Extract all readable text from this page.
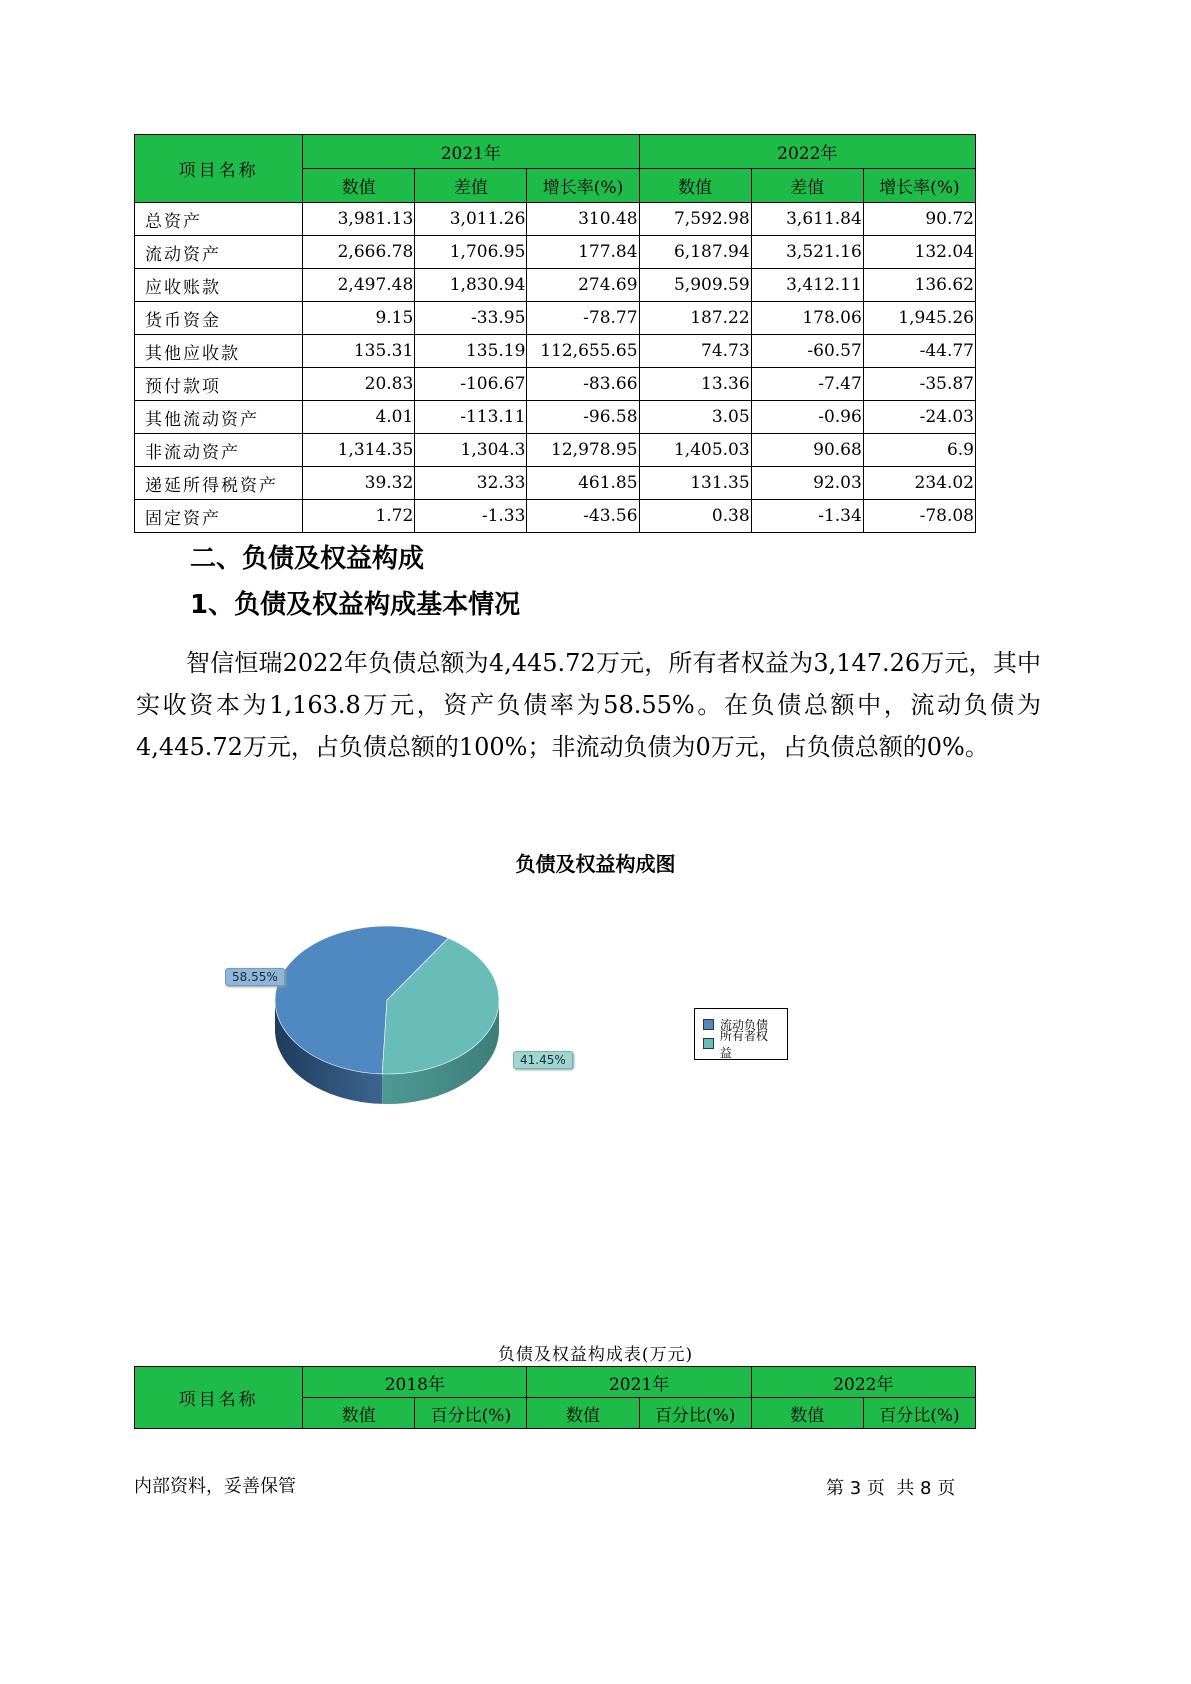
项目名称	2021年			2022年		
	数值	差值	增长率(%)	数值	差值	增长率(%)
总资产	3,981.13	3,011.26	310.48	7,592.98	3,611.84	90.72
流动资产	2,666.78	1,706.95	177.84	6,187.94	3,521.16	132.04
应收账款	2,497.48	1,830.94	274.69	5,909.59	3,412.11	136.62
货币资金	9.15	-33.95	-78.77	187.22	178.06	1,945.26
其他应收款	135.31	135.19	112,655.65	74.73	-60.57	-44.77
预付款项	20.83	-106.67	-83.66	13.36	-7.47	-35.87
其他流动资产	4.01	-113.11	-96.58	3.05	-0.96	-24.03
非流动资产	1,314.35	1,304.3	12,978.95	1,405.03	90.68	6.9
递延所得税资产	39.32	32.33	461.85	131.35	92.03	234.02
固定资产	1.72	-1.33	-43.56	0.38	-1.34	-78.08
二、负债及权益构成
1、负债及权益构成基本情况
智信恒瑞2022年负债总额为4,445.72万元，所有者权益为3,147.26万元，其中实收资本为1,163.8万元，资产负债率为58.55%。在负债总额中，流动负债为4,445.72万元，占负债总额的100%；非流动负债为0万元，占负债总额的0%。
负债及权益构成图
58.55%
41.45%
流动负债
所有者权益
负债及权益构成表(万元)
项目名称	2018年		2021年		2022年	
	数值	百分比(%)	数值	百分比(%)	数值	百分比(%)
内部资料，妥善保管	第 3 页  共 8 页
